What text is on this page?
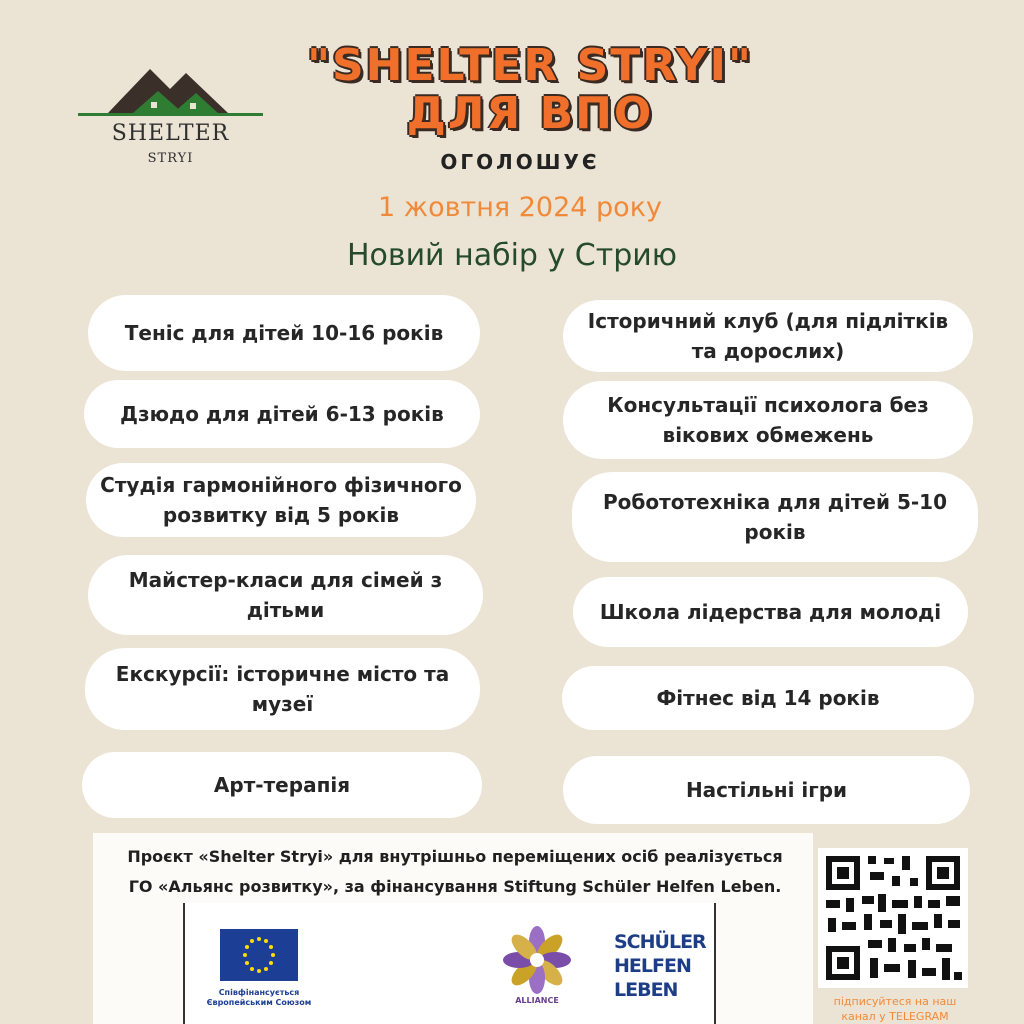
SHELTER
STRYI
"SHELTER STRYI"
ДЛЯ ВПО
ОГОЛОШУЄ
1 жовтня 2024 року
Новий набір у Стрию
Теніс для дітей 10-16 років
Дзюдо для дітей 6-13 років
Студія гармонійного фізичного
розвитку від 5 років
Майстер-класи для сімей з
дітьми
Екскурсії: історичне місто та
музеї
Арт-терапія
Історичний клуб (для підлітків
та дорослих)
Консультації психолога без
вікових обмежень
Робототехніка для дітей 5-10
років
Школа лідерства для молоді
Фітнес від 14 років
Настільні ігри
Проєкт «Shelter Stryi» для внутрішньо переміщених осіб реалізується
ГО «Альянс розвитку», за фінансування Stiftung Schüler Helfen Leben.
Співфінансується
Європейським Союзом	ALLIANCE
SCHÜLER
HELFEN
LEBEN
підписуйтеся на наш
канал у TELEGRAM
